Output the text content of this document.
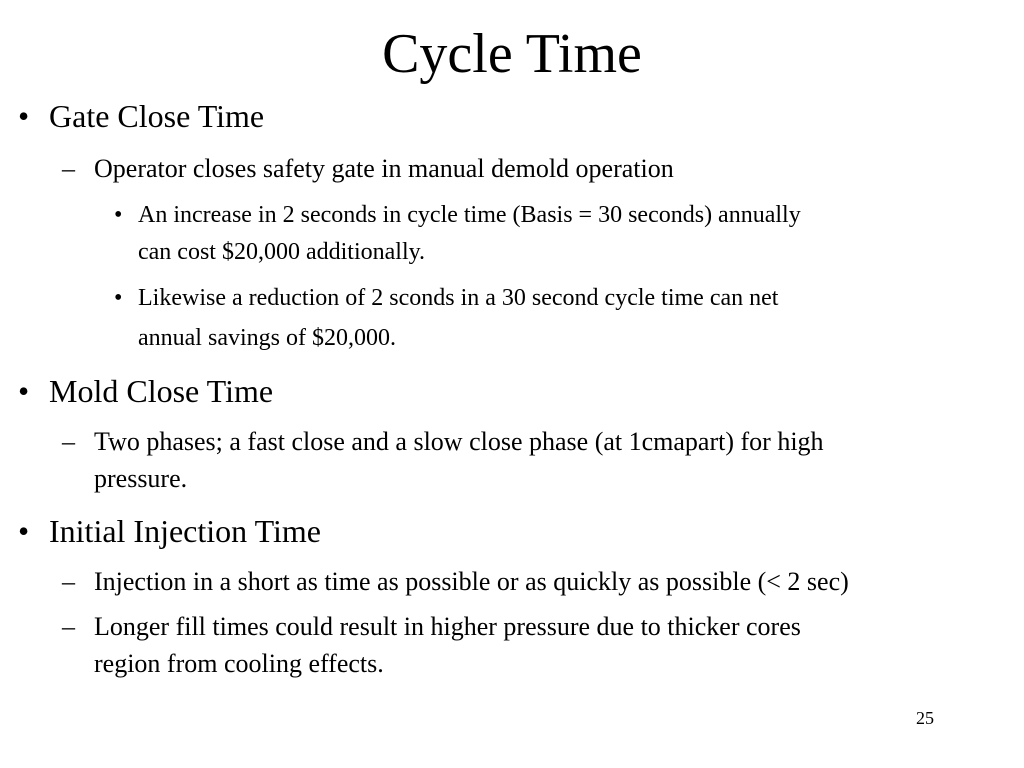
Cycle Time
• Gate Close Time
– Operator closes safety gate in manual demold operation
• An increase in 2 seconds in cycle time (Basis = 30 seconds) annually
can cost $20,000 additionally.
• Likewise a reduction of 2 sconds in a 30 second cycle time can net
annual savings of $20,000.
• Mold Close Time
– Two phases; a fast close and a slow close phase (at 1cmapart) for high
pressure.
• Initial Injection Time
– Injection in a short as time as possible or as quickly as possible (< 2 sec)
– Longer fill times could result in higher pressure due to thicker cores
region from cooling effects.
25
